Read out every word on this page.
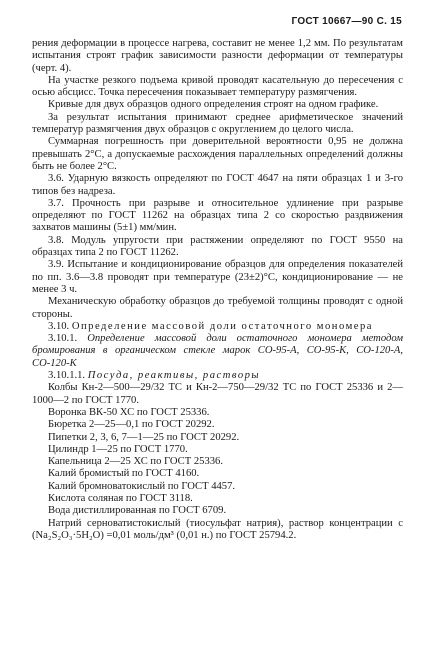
ГОСТ 10667—90 С. 15

рения деформации в процессе нагрева, составит не менее 1,2 мм. По результатам испытания строят график зависимости разности деформации от температуры (черт. 4).

На участке резкого подъема кривой проводят касательную до пересечения с осью абсцисс. Точка пересечения показывает температуру размягчения.

Кривые для двух образцов одного определения строят на одном графике.

За результат испытания принимают среднее арифметическое значений температур размягчения двух образцов с округлением до целого числа.

Суммарная погрешность при доверительной вероятности 0,95 не должна превышать 2°С, а допускаемые расхождения параллельных определений должны быть не более 2°С.

3.6. Ударную вязкость определяют по ГОСТ 4647 на пяти образцах 1 и 3-го типов без надреза.

3.7. Прочность при разрыве и относительное удлинение при разрыве определяют по ГОСТ 11262 на образцах типа 2 со скоростью раздвижения захватов машины (5±1) мм/мин.

3.8. Модуль упругости при растяжении определяют по ГОСТ 9550 на образцах типа 2 по ГОСТ 11262.

3.9. Испытание и кондиционирование образцов для определения показателей по пп. 3.6—3.8 проводят при температуре (23±2)°С, кондиционирование — не менее 3 ч.

Механическую обработку образцов до требуемой толщины проводят с одной стороны.

3.10. Определение массовой доли остаточного мономера

3.10.1. Определение массовой доли остаточного мономера методом бромирования в органическом стекле марок СО-95-А, СО-95-К, СО-120-А, СО-120-К

3.10.1.1. Посуда, реактивы, растворы

Колбы Кн-2—500—29/32 ТС и Кн-2—750—29/32 ТС по ГОСТ 25336 и 2—1000—2 по ГОСТ 1770.

Воронка ВК-50 ХС по ГОСТ 25336.

Бюретка 2—25—0,1 по ГОСТ 20292.

Пипетки 2, 3, 6, 7—1—25 по ГОСТ 20292.

Цилиндр 1—25 по ГОСТ 1770.

Капельница 2—25 ХС по ГОСТ 25336.

Калий бромистый по ГОСТ 4160.

Калий бромноватокислый по ГОСТ 4457.

Кислота соляная по ГОСТ 3118.

Вода дистиллированная по ГОСТ 6709.

Натрий серноватистокислый (тиосульфат натрия), раствор концентрации c (Na₂S₂O₃·5H₂O) =0,01 моль/дм³ (0,01 н.) по ГОСТ 25794.2.
